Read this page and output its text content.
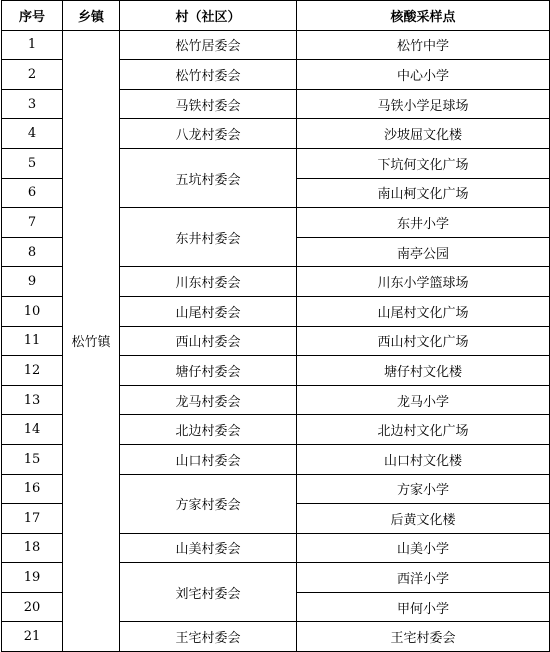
序号	乡镇	村（社区）	核酸采样点
1	松竹镇	松竹居委会	松竹中学
2		松竹村委会	中心小学
3		马铁村委会	马铁小学足球场
4		八龙村委会	沙坡屈文化楼
5		五坑村委会	下坑何文化广场
6			南山柯文化广场
7		东井村委会	东井小学
8			南亭公园
9		川东村委会	川东小学篮球场
10		山尾村委会	山尾村文化广场
11		西山村委会	西山村文化广场
12		塘仔村委会	塘仔村文化楼
13		龙马村委会	龙马小学
14		北边村委会	北边村文化广场
15		山口村委会	山口村文化楼
16		方家村委会	方家小学
17			后黄文化楼
18		山美村委会	山美小学
19		刘宅村委会	西洋小学
20			甲何小学
21		王宅村委会	王宅村委会
